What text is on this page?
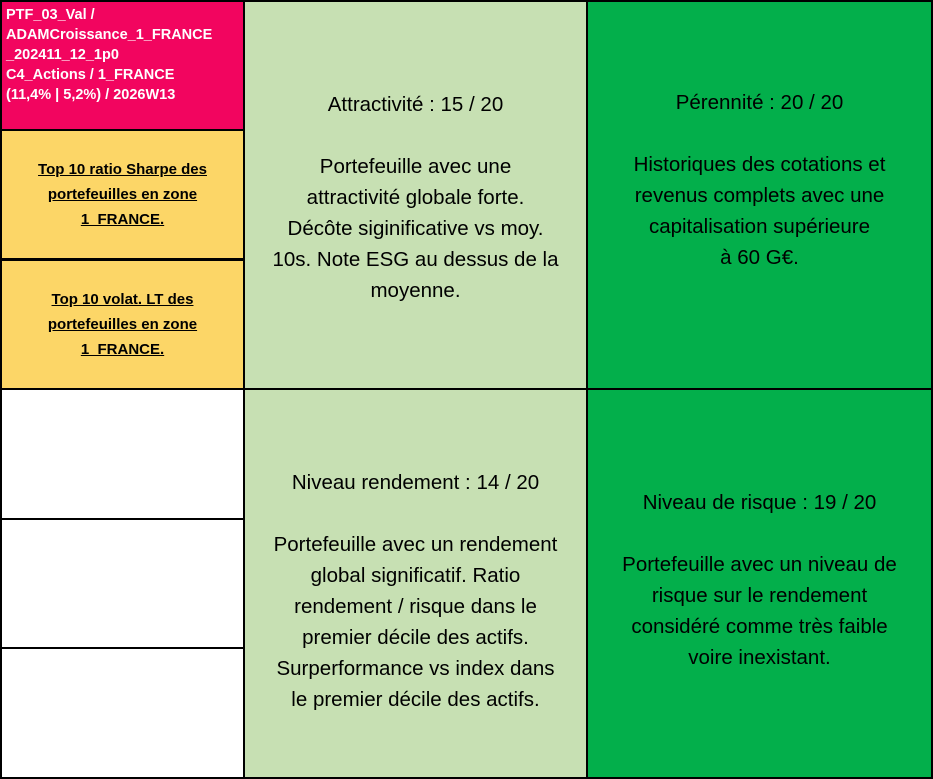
PTF_03_Val /
ADAMCroissance_1_FRANCE
_202411_12_1p0
C4_Actions / 1_FRANCE
(11,4% | 5,2%) / 2026W13
Top 10 ratio Sharpe des
portefeuilles en zone
1_FRANCE.
Top 10 volat. LT des
portefeuilles en zone
1_FRANCE.
Attractivité : 15 / 20
Portefeuille avec une
attractivité globale forte.
Décôte siginificative vs moy.
10s. Note ESG au dessus de la
moyenne.
Pérennité : 20 / 20
Historiques des cotations et
revenus complets avec une
capitalisation supérieure
à 60 G€.
Niveau rendement : 14 / 20
Portefeuille avec un rendement
global significatif. Ratio
rendement / risque dans le
premier décile des actifs.
Surperformance vs index dans
le premier décile des actifs.
Niveau de risque : 19 / 20
Portefeuille avec un niveau de
risque sur le rendement
considéré comme très faible
voire inexistant.
